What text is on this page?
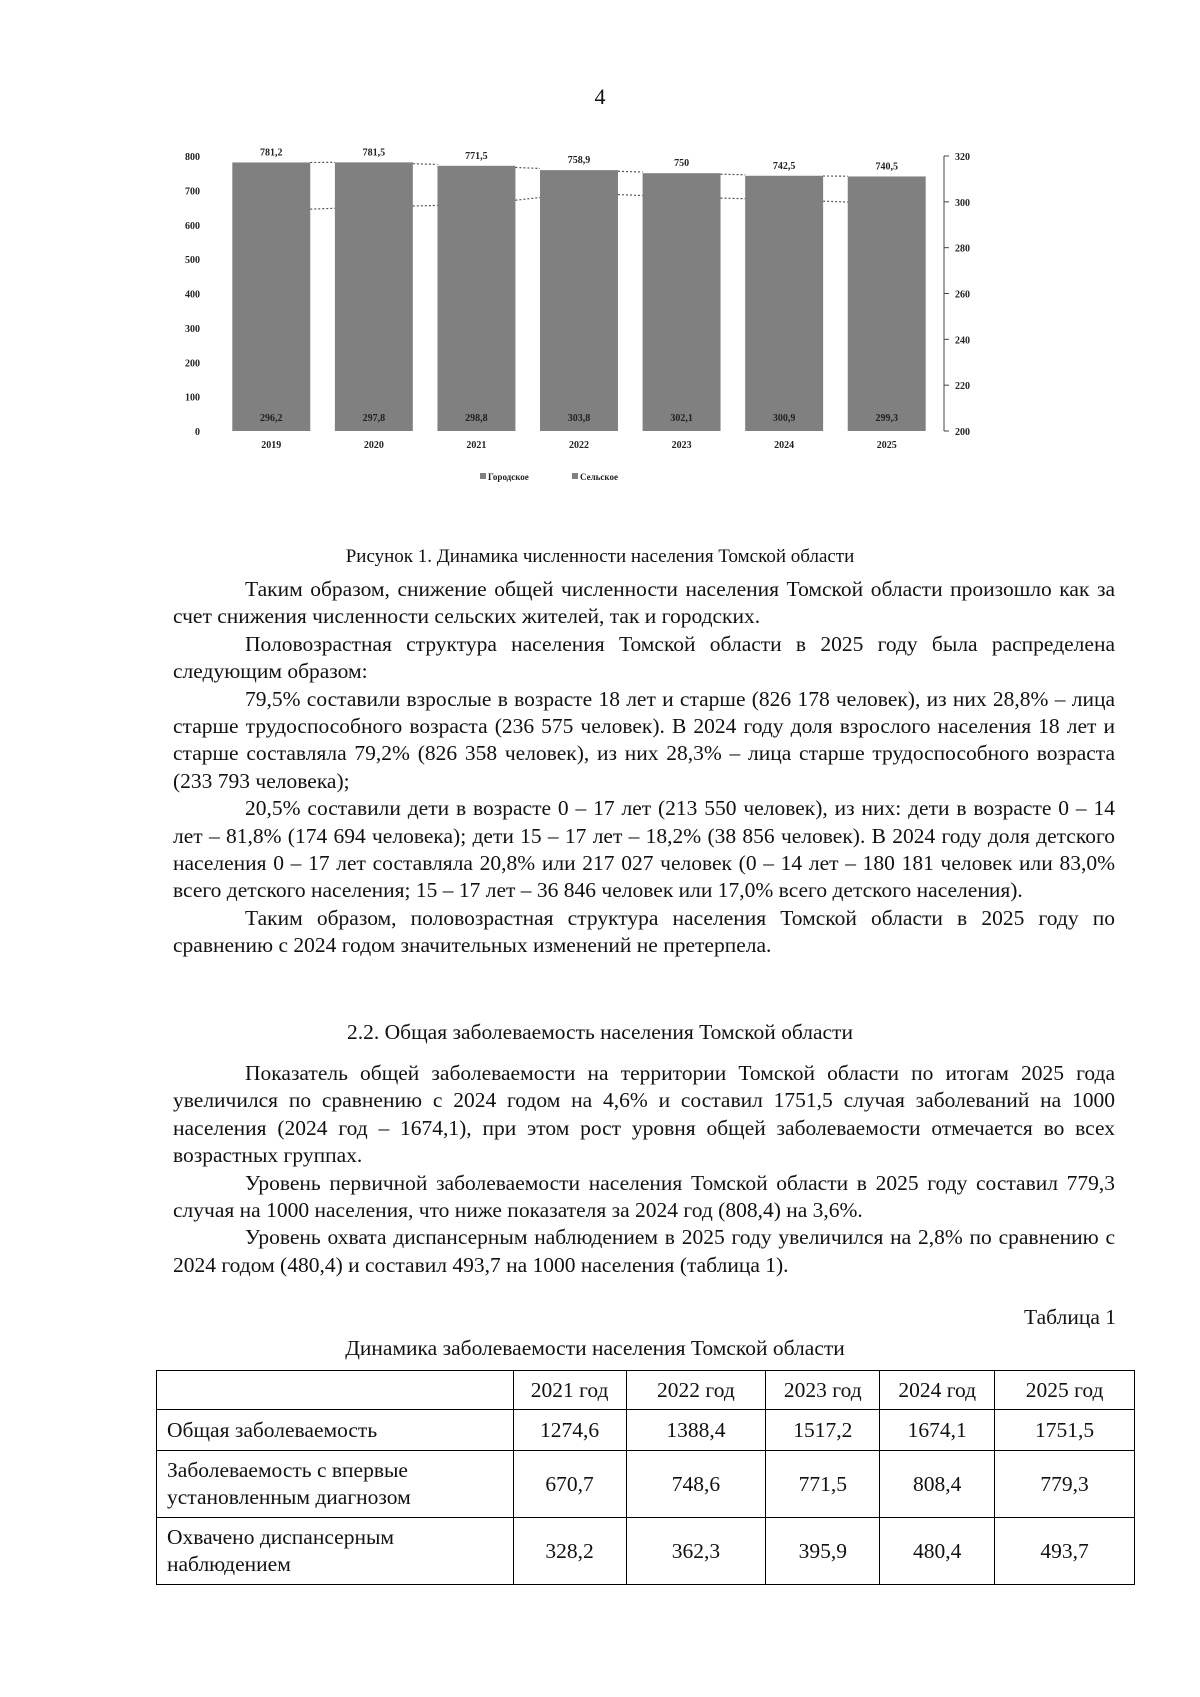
4
781,2	781,5	771,5	758,9	750	742,5	740,5
296,2	297,8	298,8	303,8	302,1	300,9	299,3
2019	2020	2021	2022	2023	2024	2025
0
100
200
300
400
500
600
700
800
200
220
240
260
280
300
320
Городское	Сельское
Рисунок 1. Динамика численности населения Томской области

Таким образом, снижение общей численности населения Томской области произошло как за счет снижения численности сельских жителей, так и городских.

Половозрастная структура населения Томской области в 2025 году была распределена следующим образом:

79,5% составили взрослые в возрасте 18 лет и старше (826 178 человек), из них 28,8% – лица старше трудоспособного возраста (236 575 человек). В 2024 году доля взрослого населения 18 лет и старше составляла 79,2% (826 358 человек), из них 28,3% – лица старше трудоспособного возраста (233 793 человека);

20,5% составили дети в возрасте 0 – 17 лет (213 550 человек), из них: дети в возрасте 0 – 14 лет – 81,8% (174 694 человека); дети 15 – 17 лет – 18,2% (38 856 человек). В 2024 году доля детского населения 0 – 17 лет составляла 20,8% или 217 027 человек (0 – 14 лет – 180 181 человек или 83,0% всего детского населения; 15 – 17 лет – 36 846 человек или 17,0% всего детского населения).

Таким образом, половозрастная структура населения Томской области в 2025 году по сравнению с 2024 годом значительных изменений не претерпела.

2.2. Общая заболеваемость населения Томской области

Показатель общей заболеваемости на территории Томской области по итогам 2025 года увеличился по сравнению с 2024 годом на 4,6% и составил 1751,5 случая заболеваний на 1000 населения (2024 год – 1674,1), при этом рост уровня общей заболеваемости отмечается во всех возрастных группах.

Уровень первичной заболеваемости населения Томской области в 2025 году составил 779,3 случая на 1000 населения, что ниже показателя за 2024 год (808,4) на 3,6%.

Уровень охвата диспансерным наблюдением в 2025 году увеличился на 2,8% по сравнению с 2024 годом (480,4) и составил 493,7 на 1000 населения (таблица 1).

Таблица 1
Динамика заболеваемости населения Томской области
	2021 год	2022 год	2023 год	2024 год	2025 год
Общая заболеваемость	1274,6	1388,4	1517,2	1674,1	1751,5
Заболеваемость с впервые установленным диагнозом	670,7	748,6	771,5	808,4	779,3
Охвачено диспансерным наблюдением	328,2	362,3	395,9	480,4	493,7
